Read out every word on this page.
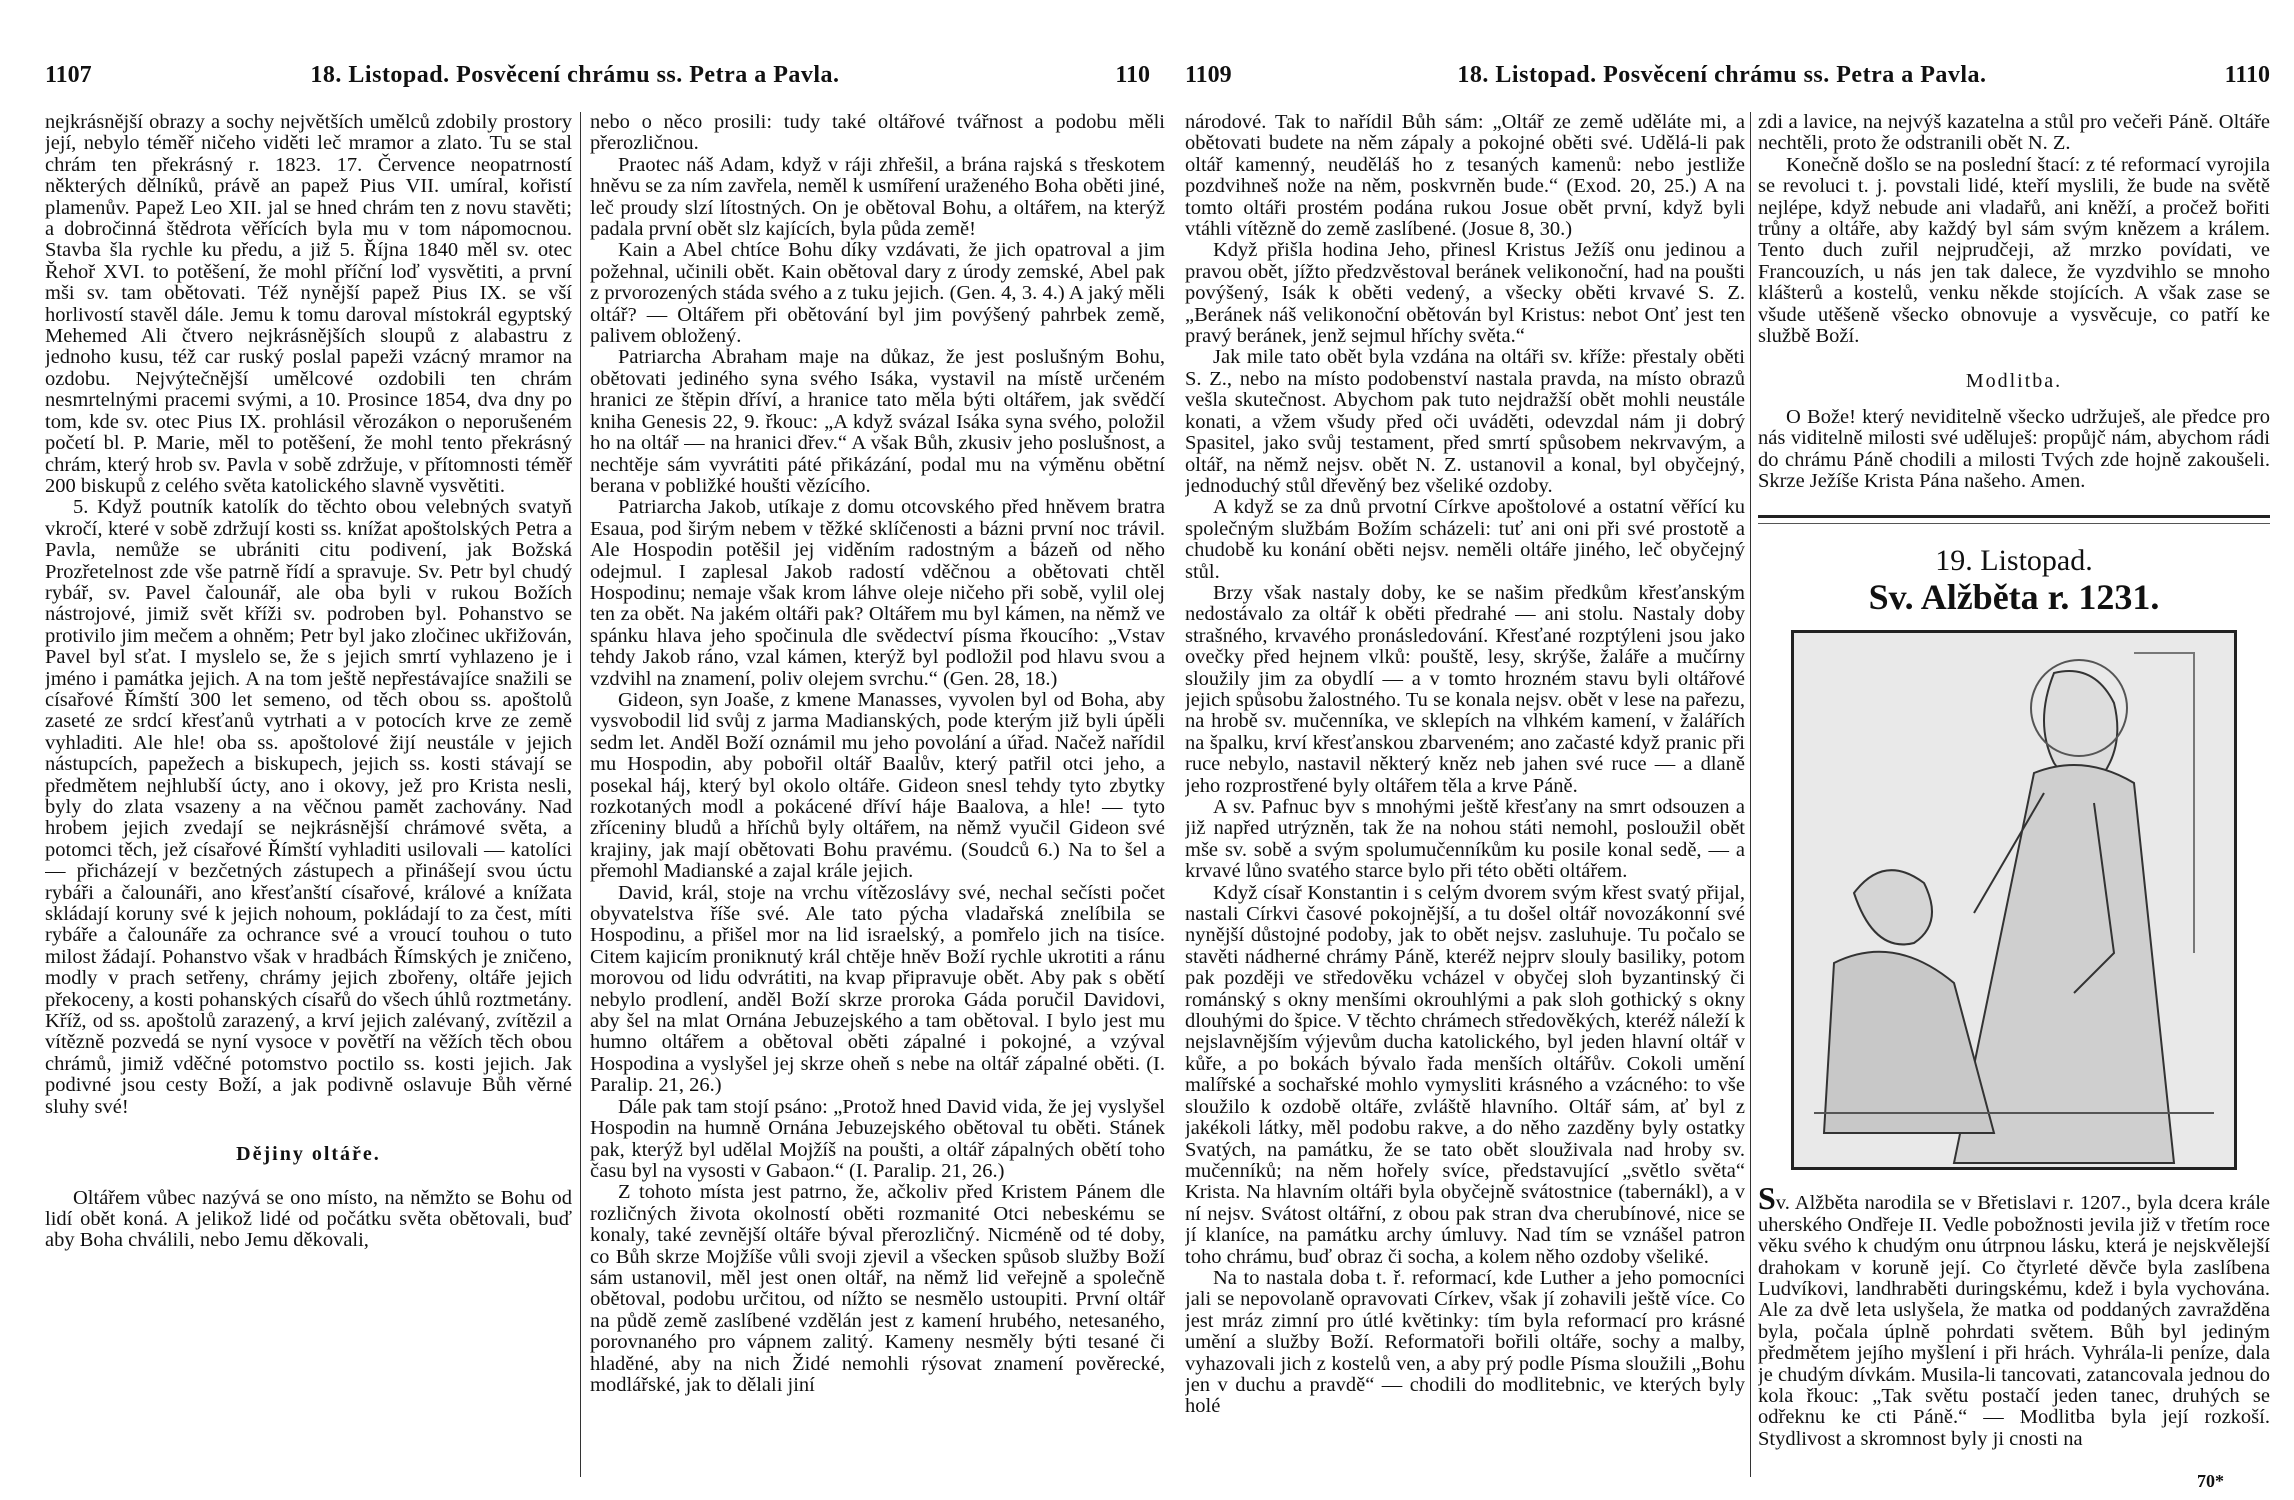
1107	18. Listopad. Posvěcení chrámu ss. Petra a Pavla.	110

nejkrásnější obrazy a sochy největších umělců zdobily prostory její, nebylo téměř ničeho viděti leč mramor a zlato. Tu se stal chrám ten překrásný r. 1823. 17. Července neopatrností některých dělníků, právě an papež Pius VII. umíral, kořistí plamenův. Papež Leo XII. jal se hned chrám ten z novu stavěti; a dobročinná štědrota věřících byla mu v tom nápomocnou. Stavba šla rychle ku předu, a již 5. Října 1840 měl sv. otec Řehoř XVI. to potěšení, že mohl příční loď vysvětiti, a první mši sv. tam obětovati. Též nynější papež Pius IX. se vší horlivostí stavěl dále. Jemu k tomu daroval místokrál egyptský Mehemed Ali čtvero nejkrásnějších sloupů z alabastru z jednoho kusu, též car ruský poslal papeži vzácný mramor na ozdobu. Nejvýtečnější umělcové ozdobili ten chrám nesmrtelnými pracemi svými, a 10. Prosince 1854, dva dny po tom, kde sv. otec Pius IX. prohlásil věrozákon o neporušeném početí bl. P. Marie, měl to potěšení, že mohl tento překrásný chrám, který hrob sv. Pavla v sobě zdržuje, v přítomnosti téměř 200 biskupů z celého světa katolického slavně vysvětiti.

5. Když poutník katolík do těchto obou velebných svatyň vkročí, které v sobě zdržují kosti ss. knížat apoštolských Petra a Pavla, nemůže se ubrániti citu podivení, jak Božská Prozřetelnost zde vše patrně řídí a spravuje. Sv. Petr byl chudý rybář, sv. Pavel čalounář, ale oba byli v rukou Božích nástrojové, jimiž svět kříži sv. podroben byl. Pohanstvo se protivilo jim mečem a ohněm; Petr byl jako zločinec ukřižován, Pavel byl sťat. I myslelo se, že s jejich smrtí vyhlazeno je i jméno i památka jejich. A na tom ještě nepřestávajíce snažili se císařové Římští 300 let semeno, od těch obou ss. apoštolů zaseté ze srdcí křesťanů vytrhati a v potocích krve ze země vyhladiti. Ale hle! oba ss. apoštolové žijí neustále v jejich nástupcích, papežech a biskupech, jejich ss. kosti stávají se předmětem nejhlubší úcty, ano i okovy, jež pro Krista nesli, byly do zlata vsazeny a na věčnou pamět zachovány. Nad hrobem jejich zvedají se nejkrásnější chrámové světa, a potomci těch, jež císařové Římští vyhladiti usilovali — katolíci — přicházejí v bezčetných zástupech a přinášejí svou úctu rybáři a čalounáři, ano křesťanští císařové, králové a knížata skládají koruny své k jejich nohoum, pokládají to za čest, míti rybáře a čalounáře za ochrance své a vroucí touhou o tuto milost žádají. Pohanstvo však v hradbách Římských je zničeno, modly v prach setřeny, chrámy jejich zbořeny, oltáře jejich překoceny, a kosti pohanských císařů do všech úhlů roztmetány. Kříž, od ss. apoštolů zarazený, a krví jejich zalévaný, zvítězil a vítězně pozvedá se nyní vysoce v povětří na věžích těch obou chrámů, jimiž vděčné potomstvo poctilo ss. kosti jejich. Jak podivné jsou cesty Boží, a jak podivně oslavuje Bůh věrné sluhy své!

Dějiny oltáře.

Oltářem vůbec nazývá se ono místo, na němžto se Bohu od lidí obět koná. A jelikož lidé od počátku světa obětovali, buď aby Boha chválili, nebo Jemu děkovali,

nebo o něco prosili: tudy také oltářové tvářnost a podobu měli přerozličnou.

Praotec náš Adam, když v ráji zhřešil, a brána rajská s třeskotem hněvu se za ním zavřela, neměl k usmíření uraženého Boha oběti jiné, leč proudy slzí lítostných. On je obětoval Bohu, a oltářem, na kterýž padala první obět slz kajících, byla půda země!

Kain a Abel chtíce Bohu díky vzdávati, že jich opatroval a jim požehnal, učinili obět. Kain obětoval dary z úrody zemské, Abel pak z prvorozených stáda svého a z tuku jejich. (Gen. 4, 3. 4.) A jaký měli oltář? — Oltářem při obětování byl jim povýšený pahrbek země, palivem obložený.

Patriarcha Abraham maje na důkaz, že jest poslušným Bohu, obětovati jediného syna svého Isáka, vystavil na místě určeném hranici ze štěpin dříví, a hranice tato měla býti oltářem, jak svědčí kniha Genesis 22, 9. řkouc: „A když svázal Isáka syna svého, položil ho na oltář — na hranici dřev.“ A však Bůh, zkusiv jeho poslušnost, a nechtěje sám vyvrátiti páté přikázání, podal mu na výměnu obětní berana v pobližké houšti vězícího.

Patriarcha Jakob, utíkaje z domu otcovského před hněvem bratra Esaua, pod širým nebem v těžké sklíčenosti a bázni první noc trávil. Ale Hospodin potěšil jej viděním radostným a bázeň od něho odejmul. I zaplesal Jakob radostí vděčnou a obětovati chtěl Hospodinu; nemaje však krom láhve oleje ničeho při sobě, vylil olej ten za obět. Na jakém oltáři pak? Oltářem mu byl kámen, na němž ve spánku hlava jeho spočinula dle svědectví písma řkoucího: „Vstav tehdy Jakob ráno, vzal kámen, kterýž byl podložil pod hlavu svou a vzdvihl na znamení, poliv olejem svrchu.“ (Gen. 28, 18.)

Gideon, syn Joaše, z kmene Manasses, vyvolen byl od Boha, aby vysvobodil lid svůj z jarma Madianských, pode kterým již byli úpěli sedm let. Anděl Boží oznámil mu jeho povolání a úřad. Načež nařídil mu Hospodin, aby pobořil oltář Baalův, který patřil otci jeho, a posekal háj, který byl okolo oltáře. Gideon snesl tehdy tyto zbytky rozkotaných modl a pokácené dříví háje Baalova, a hle! — tyto zříceniny bludů a hříchů byly oltářem, na němž vyučil Gideon své krajiny, jak mají obětovati Bohu pravému. (Soudců 6.) Na to šel a přemohl Madianské a zajal krále jejich.

David, král, stoje na vrchu vítězoslávy své, nechal sečísti počet obyvatelstva říše své. Ale tato pýcha vladařská znelíbila se Hospodinu, a přišel mor na lid israelský, a pomřelo jich na tisíce. Citem kajicím proniknutý král chtěje hněv Boží rychle ukrotiti a ránu morovou od lidu odvrátiti, na kvap připravuje obět. Aby pak s obětí nebylo prodlení, anděl Boží skrze proroka Gáda poručil Davidovi, aby šel na mlat Ornána Jebuzejského a tam obětoval. I bylo jest mu humno oltářem a obětoval oběti zápalné i pokojné, a vzýval Hospodina a vyslyšel jej skrze oheň s nebe na oltář zápalné oběti. (I. Paralip. 21, 26.)

Dále pak tam stojí psáno: „Protož hned David vida, že jej vyslyšel Hospodin na humně Ornána Jebuzejského obětoval tu oběti. Stánek pak, kterýž byl udělal Mojžíš na poušti, a oltář zápalných obětí toho času byl na vysosti v Gabaon.“ (I. Paralip. 21, 26.)

Z tohoto místa jest patrno, že, ačkoliv před Kristem Pánem dle rozličných života okolností oběti rozmanité Otci nebeskému se konaly, také zevnější oltáře býval přerozličný. Nicméně od té doby, co Bůh skrze Mojžíše vůli svoji zjevil a všecken spůsob služby Boží sám ustanovil, měl jest onen oltář, na němž lid veřejně a společně obětoval, podobu určitou, od nížto se nesmělo ustoupiti. První oltář na půdě země zaslíbené vzdělán jest z kamení hrubého, netesaného, porovnaného pro vápnem zalitý. Kameny nesměly býti tesané či hladěné, aby na nich Židé nemohli rýsovat znamení pověrecké, modlářské, jak to dělali jiní

1109	18. Listopad. Posvěcení chrámu ss. Petra a Pavla.	1110

národové. Tak to nařídil Bůh sám: „Oltář ze země uděláte mi, a obětovati budete na něm zápaly a pokojné oběti své. Udělá-li pak oltář kamenný, neuděláš ho z tesaných kamenů: nebo jestliže pozdvihneš nože na něm, poskvrněn bude.“ (Exod. 20, 25.) A na tomto oltáři prostém podána rukou Josue obět první, když byli vtáhli vítězně do země zaslíbené. (Josue 8, 30.)

Když přišla hodina Jeho, přinesl Kristus Ježíš onu jedinou a pravou obět, jížto předzvěstoval beránek velikonoční, had na poušti povýšený, Isák k oběti vedený, a všecky oběti krvavé S. Z. „Beránek náš velikonoční obětován byl Kristus: nebot Onť jest ten pravý beránek, jenž sejmul hříchy světa.“

Jak mile tato obět byla vzdána na oltáři sv. kříže: přestaly oběti S. Z., nebo na místo podobenství nastala pravda, na místo obrazů vešla skutečnost. Abychom pak tuto nejdražší obět mohli neustále konati, a vžem všudy před oči uváděti, odevzdal nám ji dobrý Spasitel, jako svůj testament, před smrtí spůsobem nekrvavým, a oltář, na němž nejsv. obět N. Z. ustanovil a konal, byl obyčejný, jednoduchý stůl dřevěný bez všeliké ozdoby.

A když se za dnů prvotní Církve apoštolové a ostatní věřící ku společným službám Božím scházeli: tuť ani oni při své prostotě a chudobě ku konání oběti nejsv. neměli oltáře jiného, leč obyčejný stůl.

Brzy však nastaly doby, ke se našim předkům křesťanským nedostávalo za oltář k oběti předrahé — ani stolu. Nastaly doby strašného, krvavého pronásledování. Křesťané rozptýleni jsou jako ovečky před hejnem vlků: pouště, lesy, skrýše, žaláře a mučírny sloužily jim za obydlí — a v tomto hrozném stavu byli oltářové jejich spůsobu žalostného. Tu se konala nejsv. obět v lese na pařezu, na hrobě sv. mučenníka, ve sklepích na vlhkém kamení, v žalářích na špalku, krví křesťanskou zbarveném; ano začasté když pranic při ruce nebylo, nastavil některý kněz neb jahen své ruce — a dlaně jeho rozprostřené byly oltářem těla a krve Páně.

A sv. Pafnuc byv s mnohými ještě křesťany na smrt odsouzen a již napřed utrýzněn, tak že na nohou státi nemohl, posloužil obět mše sv. sobě a svým spolumučenníkům ku posile konal sedě, — a krvavé lůno svatého starce bylo při této oběti oltářem.

Když císař Konstantin i s celým dvorem svým křest svatý přijal, nastali Církvi časové pokojnější, a tu došel oltář novozákonní své nynější důstojné podoby, jak to obět nejsv. zasluhuje. Tu počalo se stavěti nádherné chrámy Páně, kteréž nejprv slouly basiliky, potom pak později ve středověku vcházel v obyčej sloh byzantinský či románský s okny menšími okrouhlými a pak sloh gothický s okny dlouhými do špice. V těchto chrámech středověkých, kteréž náleží k nejslavnějším výjevům ducha katolického, byl jeden hlavní oltář v kůře, a po bokách bývalo řada menších oltářův. Cokoli umění malířské a sochařské mohlo vymysliti krásného a vzácného: to vše sloužilo k ozdobě oltáře, zvláště hlavního. Oltář sám, ať byl z jakékoli látky, měl podobu rakve, a do něho zazděny byly ostatky Svatých, na památku, že se tato obět slouživala nad hroby sv. mučenníků; na něm hořely svíce, představující „světlo světa“ Krista. Na hlavním oltáři byla obyčejně svátostnice (tabernákl), a v ní nejsv. Svátost oltářní, z obou pak stran dva cherubínové, nice se jí klaníce, na památku archy úmluvy. Nad tím se vznášel patron toho chrámu, buď obraz či socha, a kolem něho ozdoby všeliké.

Na to nastala doba t. ř. reformací, kde Luther a jeho pomocníci jali se nepovolaně opravovati Církev, však jí zohavili ještě více. Co jest mráz zimní pro útlé květinky: tím byla reformací pro krásné umění a služby Boží. Reformatoři bořili oltáře, sochy a malby, vyhazovali jich z kostelů ven, a aby prý podle Písma sloužili „Bohu jen v duchu a pravdě“ — chodili do modlitebnic, ve kterých byly holé

zdi a lavice, na nejvýš kazatelna a stůl pro večeři Páně. Oltáře nechtěli, proto že odstranili obět N. Z.

Konečně došlo se na poslední štací: z té reformací vyrojila se revoluci t. j. povstali lidé, kteří myslili, že bude na světě nejlépe, když nebude ani vladařů, ani kněží, a pročež bořiti trůny a oltáře, aby každý byl sám svým knězem a králem. Tento duch zuřil nejprudčeji, až mrzko povídati, ve Francouzích, u nás jen tak dalece, že vyzdvihlo se mnoho klášterů a kostelů, venku někde stojících. A však zase se všude utěšeně všecko obnovuje a vysvěcuje, co patří ke službě Boží.

Modlitba.

O Bože! který neviditelně všecko udržuješ, ale předce pro nás viditelně milosti své uděluješ: propůjč nám, abychom rádi do chrámu Páně chodili a milosti Tvých zde hojně zakoušeli. Skrze Ježíše Krista Pána našeho. Amen.

19. Listopad.
Sv. Alžběta r. 1231.

Sv. Alžběta narodila se v Břetislavi r. 1207., byla dcera krále uherského Ondřeje II. Vedle pobožnosti jevila již v třetím roce věku svého k chudým onu útrpnou lásku, která je nejskvělejší drahokam v koruně její. Co čtyrleté děvče byla zaslíbena Ludvíkovi, landhraběti duringskému, kdež i byla vychována. Ale za dvě leta uslyšela, že matka od poddaných zavražděna byla, počala úplně pohrdati světem. Bůh byl jediným předmětem jejího myšlení i při hrách. Vyhrála-li peníze, dala je chudým dívkám. Musila-li tancovati, zatancovala jednou do kola řkouc: „Tak světu postačí jeden tanec, druhých se odřeknu ke cti Páně.“ — Modlitba byla její rozkoší. Stydlivost a skromnost byly ji cnosti na

70*
